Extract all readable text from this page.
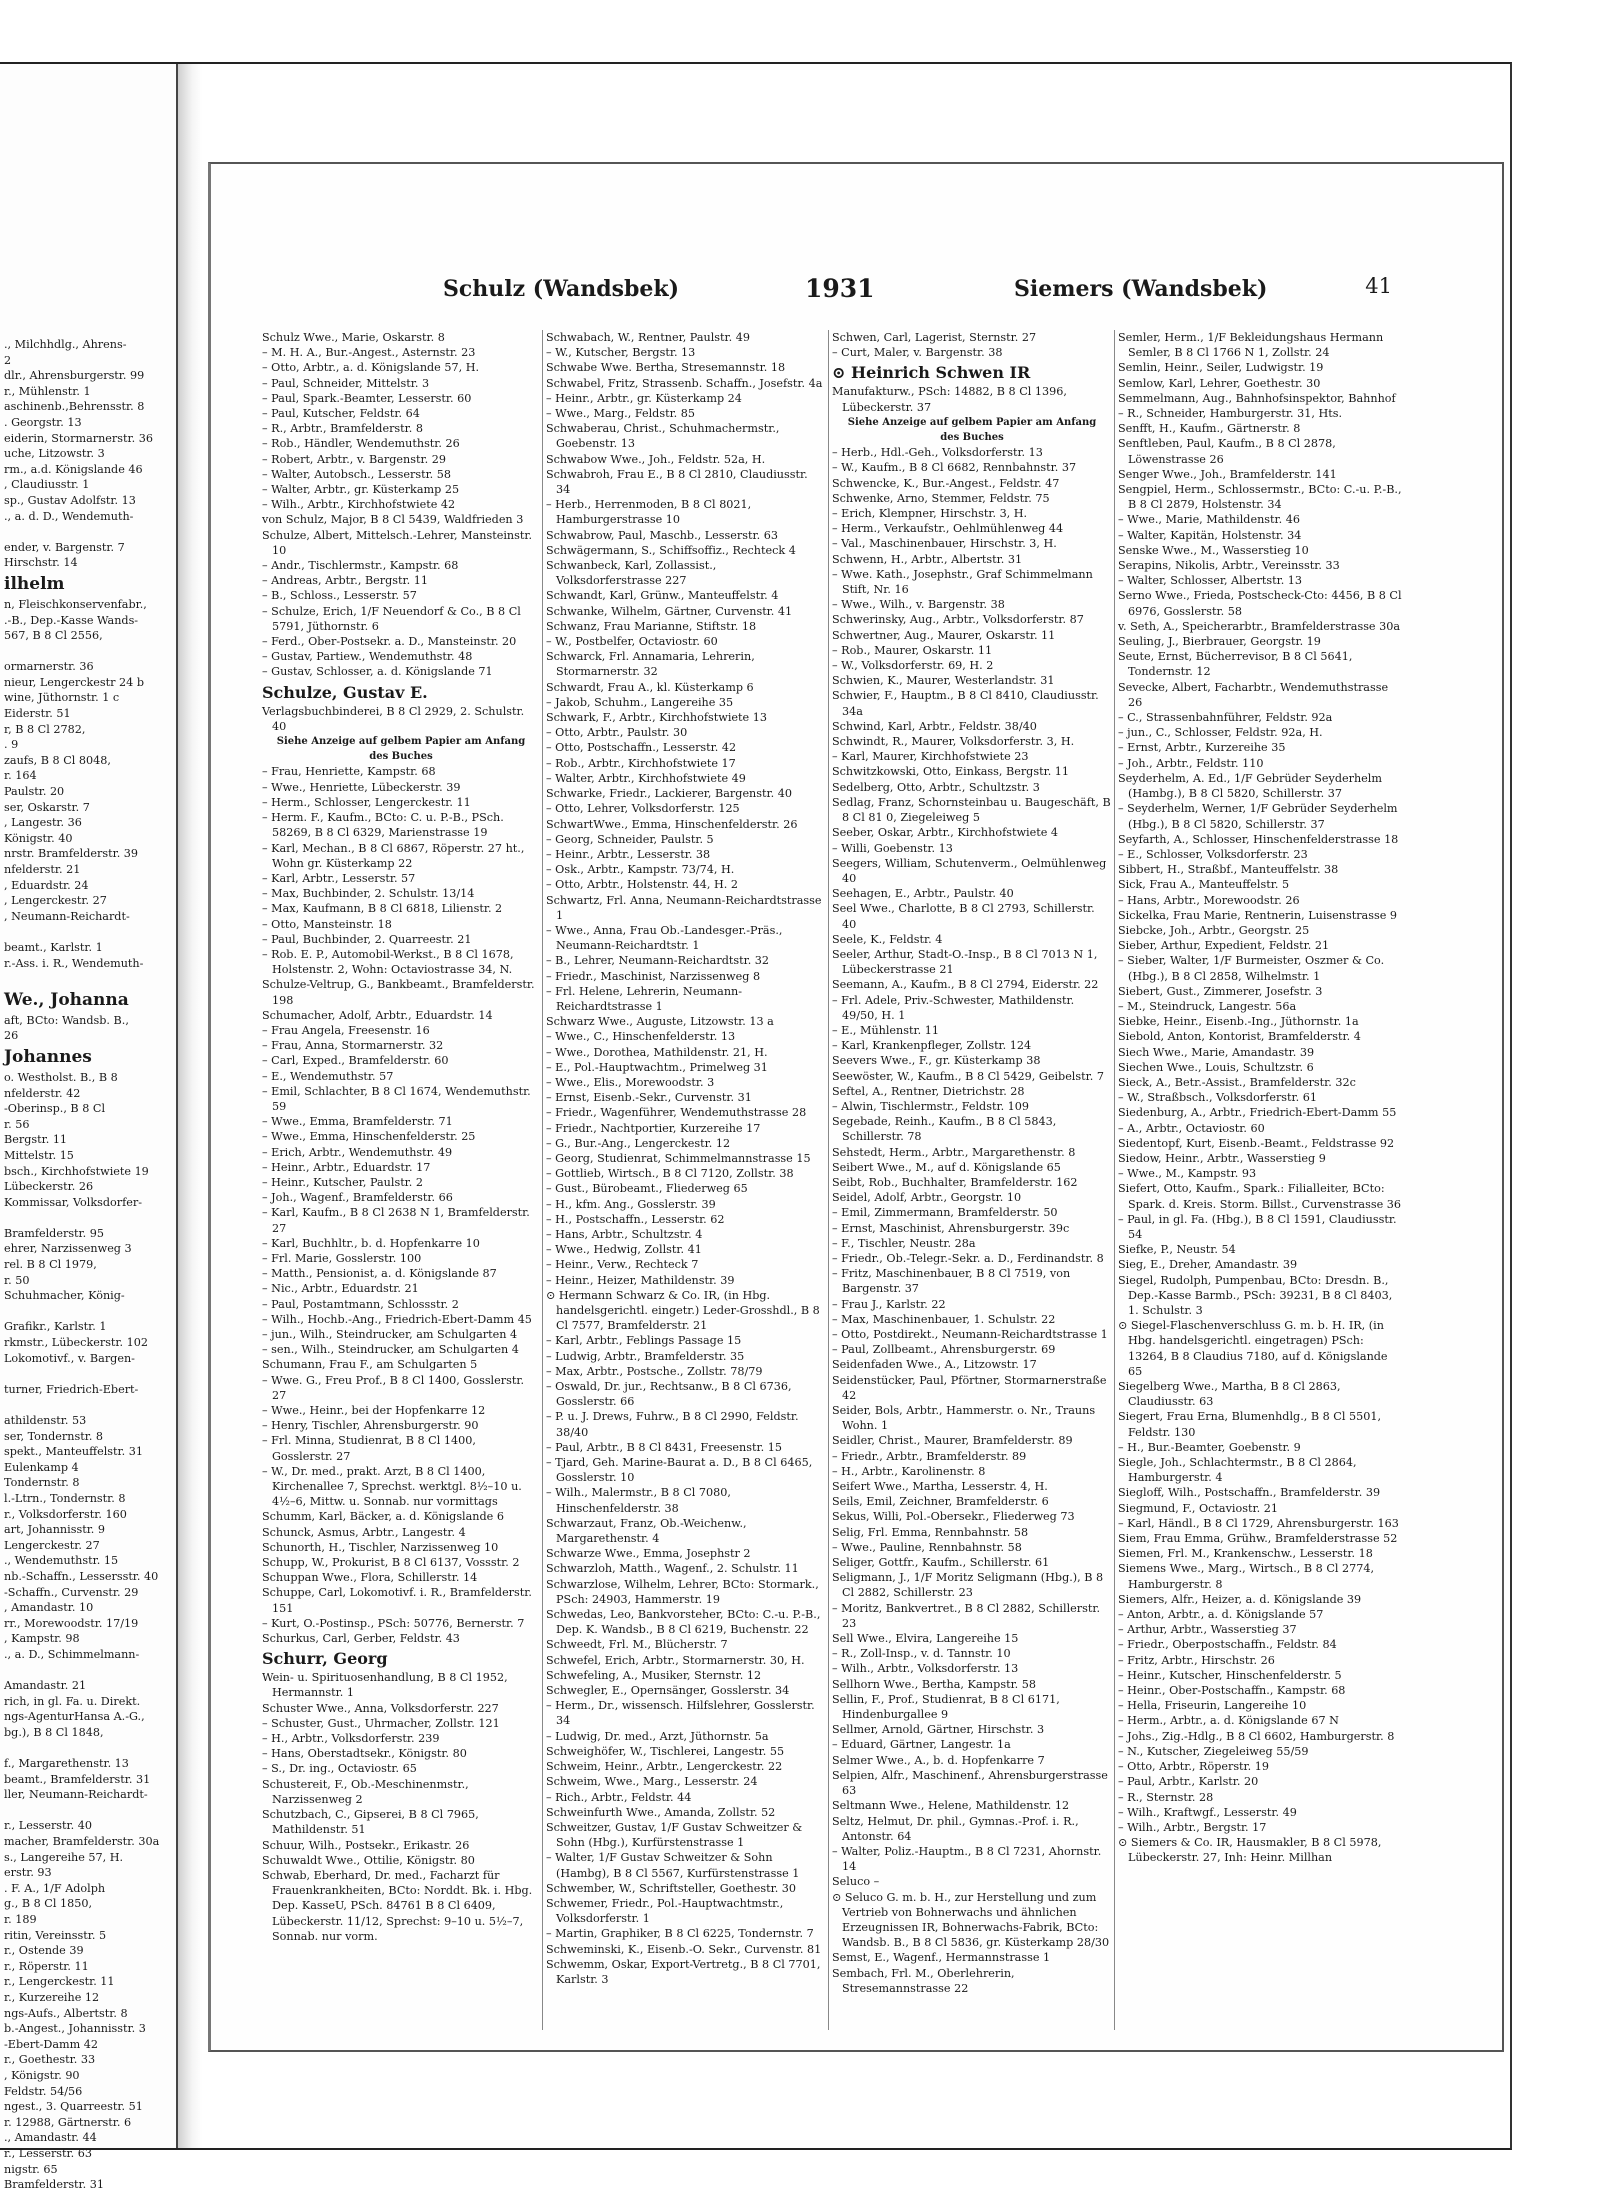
., Milchhdlg., Ahrens-
2
dlr., Ahrensburgerstr. 99
r., Mühlenstr. 1
aschinenb.,Behrensstr. 8
. Georgstr. 13
eiderin, Stormarnerstr. 36
uche, Litzowstr. 3
rm., a.d. Königslande 46
, Claudiusstr. 1
sp., Gustav Adolfstr. 13
., a. d. D., Wendemuth-

ender, v. Bargenstr. 7
Hirschstr. 14
ilhelm
n, Fleischkonservenfabr.,
.-B., Dep.-Kasse Wands-
567, B 8 Cl 2556,

ormarnerstr. 36
nieur, Lengerckestr 24 b
wine, Jüthornstr. 1 c
Eiderstr. 51
r, B 8 Cl 2782,
. 9
zaufs, B 8 Cl 8048,
r. 164
Paulstr. 20
ser, Oskarstr. 7
, Langestr. 36
Königstr. 40
nrstr. Bramfelderstr. 39
nfelderstr. 21
, Eduardstr. 24
, Lengerckestr. 27
, Neumann-Reichardt-

beamt., Karlstr. 1
r.-Ass. i. R., Wendemuth-

We., Johanna
aft, BCto: Wandsb. B.,
26
Johannes
o. Westholst. B., B 8
nfelderstr. 42
-Oberinsp., B 8 Cl
r. 56
Bergstr. 11
Mittelstr. 15
bsch., Kirchhofstwiete 19
Lübeckerstr. 26
Kommissar, Volksdorfer-

Bramfelderstr. 95
ehrer, Narzissenweg 3
rel. B 8 Cl 1979,
r. 50
Schuhmacher, König-

Grafikr., Karlstr. 1
rkmstr., Lübeckerstr. 102
Lokomotivf., v. Bargen-

turner, Friedrich-Ebert-

athildenstr. 53
ser, Tondernstr. 8
spekt., Manteuffelstr. 31
Eulenkamp 4
Tondernstr. 8
l.-Ltrn., Tondernstr. 8
r., Volksdorferstr. 160
art, Johannisstr. 9
Lengerckestr. 27
., Wendemuthstr. 15
nb.-Schaffn., Lessersstr. 40
-Schaffn., Curvenstr. 29
, Amandastr. 10
rr., Morewoodstr. 17/19
, Kampstr. 98
., a. D., Schimmelmann-

Amandastr. 21
rich, in gl. Fa. u. Direkt.
ngs-AgenturHansa A.-G.,
bg.), B 8 Cl 1848,

f., Margarethenstr. 13
beamt., Bramfelderstr. 31
ller, Neumann-Reichardt-

r., Lesserstr. 40
macher, Bramfelderstr. 30a
s., Langereihe 57, H.
erstr. 93
. F. A., 1/F Adolph
g., B 8 Cl 1850,
r. 189
ritin, Vereinsstr. 5
r., Ostende 39
r., Röperstr. 11
r., Lengerckestr. 11
r., Kurzereihe 12
ngs-Aufs., Albertstr. 8
b.-Angest., Johannisstr. 3
-Ebert-Damm 42
r., Goethestr. 33
, Königstr. 90
Feldstr. 54/56
ngest., 3. Quarreestr. 51
r. 12988, Gärtnerstr. 6
., Amandastr. 44
r., Lesserstr. 63
nigstr. 65
Bramfelderstr. 31
Schulz (Wandsbek)	1931	Siemers (Wandsbek)	41
Schulz Wwe., Marie, Oskarstr. 8
– M. H. A., Bur.-Angest., Asternstr. 23
– Otto, Arbtr., a. d. Königslande 57, H.
– Paul, Schneider, Mittelstr. 3
– Paul, Spark.-Beamter, Lesserstr. 60
– Paul, Kutscher, Feldstr. 64
– R., Arbtr., Bramfelderstr. 8
– Rob., Händler, Wendemuthstr. 26
– Robert, Arbtr., v. Bargenstr. 29
– Walter, Autobsch., Lesserstr. 58
– Walter, Arbtr., gr. Küsterkamp 25
– Wilh., Arbtr., Kirchhofstwiete 42
von Schulz, Major, B 8 Cl 5439, Waldfrieden 3
Schulze, Albert, Mittelsch.-Lehrer, Mansteinstr. 10
– Andr., Tischlermstr., Kampstr. 68
– Andreas, Arbtr., Bergstr. 11
– B., Schloss., Lesserstr. 57
– Schulze, Erich, 1/F Neuendorf & Co., B 8 Cl 5791, Jüthornstr. 6
– Ferd., Ober-Postsekr. a. D., Mansteinstr. 20
– Gustav, Partiew., Wendemuthstr. 48
– Gustav, Schlosser, a. d. Königslande 71
Schulze, Gustav E.
Verlagsbuchbinderei, B 8 Cl 2929, 2. Schulstr. 40
Siehe Anzeige auf gelbem Papier am Anfang des Buches
– Frau, Henriette, Kampstr. 68
– Wwe., Henriette, Lübeckerstr. 39
– Herm., Schlosser, Lengerckestr. 11
– Herm. F., Kaufm., BCto: C. u. P.-B., PSch. 58269, B 8 Cl 6329, Marienstrasse 19
– Karl, Mechan., B 8 Cl 6867, Röperstr. 27 ht., Wohn gr. Küsterkamp 22
– Karl, Arbtr., Lesserstr. 57
– Max, Buchbinder, 2. Schulstr. 13/14
– Max, Kaufmann, B 8 Cl 6818, Lilienstr. 2
– Otto, Mansteinstr. 18
– Paul, Buchbinder, 2. Quarreestr. 21
– Rob. E. P., Automobil-Werkst., B 8 Cl 1678, Holstenstr. 2, Wohn: Octaviostrasse 34, N.
Schulze-Veltrup, G., Bankbeamt., Bramfelderstr. 198
Schumacher, Adolf, Arbtr., Eduardstr. 14
– Frau Angela, Freesenstr. 16
– Frau, Anna, Stormarnerstr. 32
– Carl, Exped., Bramfelderstr. 60
– E., Wendemuthstr. 57
– Emil, Schlachter, B 8 Cl 1674, Wendemuthstr. 59
– Wwe., Emma, Bramfelderstr. 71
– Wwe., Emma, Hinschenfelderstr. 25
– Erich, Arbtr., Wendemuthstr. 49
– Heinr., Arbtr., Eduardstr. 17
– Heinr., Kutscher, Paulstr. 2
– Joh., Wagenf., Bramfelderstr. 66
– Karl, Kaufm., B 8 Cl 2638 N 1, Bramfelderstr. 27
– Karl, Buchhltr., b. d. Hopfenkarre 10
– Frl. Marie, Gosslerstr. 100
– Matth., Pensionist, a. d. Königslande 87
– Nic., Arbtr., Eduardstr. 21
– Paul, Postamtmann, Schlossstr. 2
– Wilh., Hochb.-Ang., Friedrich-Ebert-Damm 45
– jun., Wilh., Steindrucker, am Schulgarten 4
– sen., Wilh., Steindrucker, am Schulgarten 4
Schumann, Frau F., am Schulgarten 5
– Wwe. G., Freu Prof., B 8 Cl 1400, Gosslerstr. 27
– Wwe., Heinr., bei der Hopfenkarre 12
– Henry, Tischler, Ahrensburgerstr. 90
– Frl. Minna, Studienrat, B 8 Cl 1400, Gosslerstr. 27
– W., Dr. med., prakt. Arzt, B 8 Cl 1400, Kirchenallee 7, Sprechst. werktgl. 8½–10 u. 4½–6, Mittw. u. Sonnab. nur vormittags
Schumm, Karl, Bäcker, a. d. Königslande 6
Schunck, Asmus, Arbtr., Langestr. 4
Schunorth, H., Tischler, Narzissenweg 10
Schupp, W., Prokurist, B 8 Cl 6137, Vossstr. 2
Schuppan Wwe., Flora, Schillerstr. 14
Schuppe, Carl, Lokomotivf. i. R., Bramfelderstr. 151
– Kurt, O.-Postinsp., PSch: 50776, Bernerstr. 7
Schurkus, Carl, Gerber, Feldstr. 43
Schurr, Georg
Wein- u. Spirituosenhandlung, B 8 Cl 1952, Hermannstr. 1
Schuster Wwe., Anna, Volksdorferstr. 227
– Schuster, Gust., Uhrmacher, Zollstr. 121
– H., Arbtr., Volksdorferstr. 239
– Hans, Oberstadtsekr., Königstr. 80
– S., Dr. ing., Octaviostr. 65
Schustereit, F., Ob.-Meschinenmstr., Narzissenweg 2
Schutzbach, C., Gipserei, B 8 Cl 7965, Mathildenstr. 51
Schuur, Wilh., Postsekr., Erikastr. 26
Schuwaldt Wwe., Ottilie, Königstr. 80
Schwab, Eberhard, Dr. med., Facharzt für Frauenkrankheiten, BCto: Norddt. Bk. i. Hbg. Dep. KasseU, PSch. 84761 B 8 Cl 6409, Lübeckerstr. 11/12, Sprechst: 9–10 u. 5½–7, Sonnab. nur vorm.
Schwabach, W., Rentner, Paulstr. 49
– W., Kutscher, Bergstr. 13
Schwabe Wwe. Bertha, Stresemannstr. 18
Schwabel, Fritz, Strassenb. Schaffn., Josefstr. 4a
– Heinr., Arbtr., gr. Küsterkamp 24
– Wwe., Marg., Feldstr. 85
Schwaberau, Christ., Schuhmachermstr., Goebenstr. 13
Schwabow Wwe., Joh., Feldstr. 52a, H.
Schwabroh, Frau E., B 8 Cl 2810, Claudiusstr. 34
– Herb., Herrenmoden, B 8 Cl 8021, Hamburgerstrasse 10
Schwabrow, Paul, Maschb., Lesserstr. 63
Schwägermann, S., Schiffsoffiz., Rechteck 4
Schwanbeck, Karl, Zollassist., Volksdorferstrasse 227
Schwandt, Karl, Grünw., Manteuffelstr. 4
Schwanke, Wilhelm, Gärtner, Curvenstr. 41
Schwanz, Frau Marianne, Stiftstr. 18
– W., Postbelfer, Octaviostr. 60
Schwarck, Frl. Annamaria, Lehrerin, Stormarnerstr. 32
Schwardt, Frau A., kl. Küsterkamp 6
– Jakob, Schuhm., Langereihe 35
Schwark, F., Arbtr., Kirchhofstwiete 13
– Otto, Arbtr., Paulstr. 30
– Otto, Postschaffn., Lesserstr. 42
– Rob., Arbtr., Kirchhofstwiete 17
– Walter, Arbtr., Kirchhofstwiete 49
Schwarke, Friedr., Lackierer, Bargenstr. 40
– Otto, Lehrer, Volksdorferstr. 125
SchwartWwe., Emma, Hinschenfelderstr. 26
– Georg, Schneider, Paulstr. 5
– Heinr., Arbtr., Lesserstr. 38
– Osk., Arbtr., Kampstr. 73/74, H.
– Otto, Arbtr., Holstenstr. 44, H. 2
Schwartz, Frl. Anna, Neumann-Reichardtstrasse 1
– Wwe., Anna, Frau Ob.-Landesger.-Präs., Neumann-Reichardtstr. 1
– B., Lehrer, Neumann-Reichardtstr. 32
– Friedr., Maschinist, Narzissenweg 8
– Frl. Helene, Lehrerin, Neumann-Reichardtstrasse 1
Schwarz Wwe., Auguste, Litzowstr. 13 a
– Wwe., C., Hinschenfelderstr. 13
– Wwe., Dorothea, Mathildenstr. 21, H.
– E., Pol.-Hauptwachtm., Primelweg 31
– Wwe., Elis., Morewoodstr. 3
– Ernst, Eisenb.-Sekr., Curvenstr. 31
– Friedr., Wagenführer, Wendemuthstrasse 28
– Friedr., Nachtportier, Kurzereihe 17
– G., Bur.-Ang., Lengerckestr. 12
– Georg, Studienrat, Schimmelmannstrasse 15
– Gottlieb, Wirtsch., B 8 Cl 7120, Zollstr. 38
– Gust., Bürobeamt., Fliederweg 65
– H., kfm. Ang., Gosslerstr. 39
– H., Postschaffn., Lesserstr. 62
– Hans, Arbtr., Schultzstr. 4
– Wwe., Hedwig, Zollstr. 41
– Heinr., Verw., Rechteck 7
– Heinr., Heizer, Mathildenstr. 39
⊙ Hermann Schwarz & Co. IR, (in Hbg. handelsgerichtl. eingetr.) Leder-Grosshdl., B 8 Cl 7577, Bramfelderstr. 21
– Karl, Arbtr., Feblings Passage 15
– Ludwig, Arbtr., Bramfelderstr. 35
– Max, Arbtr., Postsche., Zollstr. 78/79
– Oswald, Dr. jur., Rechtsanw., B 8 Cl 6736, Gosslerstr. 66
– P. u. J. Drews, Fuhrw., B 8 Cl 2990, Feldstr. 38/40
– Paul, Arbtr., B 8 Cl 8431, Freesenstr. 15
– Tjard, Geh. Marine-Baurat a. D., B 8 Cl 6465, Gosslerstr. 10
– Wilh., Malermstr., B 8 Cl 7080, Hinschenfelderstr. 38
Schwarzaut, Franz, Ob.-Weichenw., Margarethenstr. 4
Schwarze Wwe., Emma, Josephstr 2
Schwarzloh, Matth., Wagenf., 2. Schulstr. 11
Schwarzlose, Wilhelm, Lehrer, BCto: Stormark., PSch: 24903, Hammerstr. 19
Schwedas, Leo, Bankvorsteher, BCto: C.-u. P.-B., Dep. K. Wandsb., B 8 Cl 6219, Buchenstr. 22
Schweedt, Frl. M., Blücherstr. 7
Schwefel, Erich, Arbtr., Stormarnerstr. 30, H.
Schwefeling, A., Musiker, Sternstr. 12
Schwegler, E., Opernsänger, Gosslerstr. 34
– Herm., Dr., wissensch. Hilfslehrer, Gosslerstr. 34
– Ludwig, Dr. med., Arzt, Jüthornstr. 5a
Schweighöfer, W., Tischlerei, Langestr. 55
Schweim, Heinr., Arbtr., Lengerckestr. 22
Schweim, Wwe., Marg., Lesserstr. 24
– Rich., Arbtr., Feldstr. 44
Schweinfurth Wwe., Amanda, Zollstr. 52
Schweitzer, Gustav, 1/F Gustav Schweitzer & Sohn (Hbg.), Kurfürstenstrasse 1
– Walter, 1/F Gustav Schweitzer & Sohn (Hambg), B 8 Cl 5567, Kurfürstenstrasse 1
Schwember, W., Schriftsteller, Goethestr. 30
Schwemer, Friedr., Pol.-Hauptwachtmstr., Volksdorferstr. 1
– Martin, Graphiker, B 8 Cl 6225, Tondernstr. 7
Schweminski, K., Eisenb.-O. Sekr., Curvenstr. 81
Schwemm, Oskar, Export-Vertretg., B 8 Cl 7701, Karlstr. 3
Schwen, Carl, Lagerist, Sternstr. 27
– Curt, Maler, v. Bargenstr. 38
⊙ Heinrich Schwen IR
Manufakturw., PSch: 14882, B 8 Cl 1396, Lübeckerstr. 37
Siehe Anzeige auf gelbem Papier am Anfang des Buches
– Herb., Hdl.-Geh., Volksdorferstr. 13
– W., Kaufm., B 8 Cl 6682, Rennbahnstr. 37
Schwencke, K., Bur.-Angest., Feldstr. 47
Schwenke, Arno, Stemmer, Feldstr. 75
– Erich, Klempner, Hirschstr. 3, H.
– Herm., Verkaufstr., Oehlmühlenweg 44
– Val., Maschinenbauer, Hirschstr. 3, H.
Schwenn, H., Arbtr., Albertstr. 31
– Wwe. Kath., Josephstr., Graf Schimmelmann Stift, Nr. 16
– Wwe., Wilh., v. Bargenstr. 38
Schwerinsky, Aug., Arbtr., Volksdorferstr. 87
Schwertner, Aug., Maurer, Oskarstr. 11
– Rob., Maurer, Oskarstr. 11
– W., Volksdorferstr. 69, H. 2
Schwien, K., Maurer, Westerlandstr. 31
Schwier, F., Hauptm., B 8 Cl 8410, Claudiusstr. 34a
Schwind, Karl, Arbtr., Feldstr. 38/40
Schwindt, R., Maurer, Volksdorferstr. 3, H.
– Karl, Maurer, Kirchhofstwiete 23
Schwitzkowski, Otto, Einkass, Bergstr. 11
Sedelberg, Otto, Arbtr., Schultzstr. 3
Sedlag, Franz, Schornsteinbau u. Baugeschäft, B 8 Cl 81 0, Ziegeleiweg 5
Seeber, Oskar, Arbtr., Kirchhofstwiete 4
– Willi, Goebenstr. 13
Seegers, William, Schutenverm., Oelmühlenweg 40
Seehagen, E., Arbtr., Paulstr. 40
Seel Wwe., Charlotte, B 8 Cl 2793, Schillerstr. 40
Seele, K., Feldstr. 4
Seeler, Arthur, Stadt-O.-Insp., B 8 Cl 7013 N 1, Lübeckerstrasse 21
Seemann, A., Kaufm., B 8 Cl 2794, Eiderstr. 22
– Frl. Adele, Priv.-Schwester, Mathildenstr. 49/50, H. 1
– E., Mühlenstr. 11
– Karl, Krankenpfleger, Zollstr. 124
Seevers Wwe., F., gr. Küsterkamp 38
Seewöster, W., Kaufm., B 8 Cl 5429, Geibelstr. 7
Seftel, A., Rentner, Dietrichstr. 28
– Alwin, Tischlermstr., Feldstr. 109
Segebade, Reinh., Kaufm., B 8 Cl 5843, Schillerstr. 78
Sehstedt, Herm., Arbtr., Margarethenstr. 8
Seibert Wwe., M., auf d. Königslande 65
Seibt, Rob., Buchhalter, Bramfelderstr. 162
Seidel, Adolf, Arbtr., Georgstr. 10
– Emil, Zimmermann, Bramfelderstr. 50
– Ernst, Maschinist, Ahrensburgerstr. 39c
– F., Tischler, Neustr. 28a
– Friedr., Ob.-Telegr.-Sekr. a. D., Ferdinandstr. 8
– Fritz, Maschinenbauer, B 8 Cl 7519, von Bargenstr. 37
– Frau J., Karlstr. 22
– Max, Maschinenbauer, 1. Schulstr. 22
– Otto, Postdirekt., Neumann-Reichardtstrasse 1
– Paul, Zollbeamt., Ahrensburgerstr. 69
Seidenfaden Wwe., A., Litzowstr. 17
Seidenstücker, Paul, Pförtner, Stormarnerstraße 42
Seider, Bols, Arbtr., Hammerstr. o. Nr., Trauns Wohn. 1
Seidler, Christ., Maurer, Bramfelderstr. 89
– Friedr., Arbtr., Bramfelderstr. 89
– H., Arbtr., Karolinenstr. 8
Seifert Wwe., Martha, Lesserstr. 4, H.
Seils, Emil, Zeichner, Bramfelderstr. 6
Sekus, Willi, Pol.-Obersekr., Fliederweg 73
Selig, Frl. Emma, Rennbahnstr. 58
– Wwe., Pauline, Rennbahnstr. 58
Seliger, Gottfr., Kaufm., Schillerstr. 61
Seligmann, J., 1/F Moritz Seligmann (Hbg.), B 8 Cl 2882, Schillerstr. 23
– Moritz, Bankvertret., B 8 Cl 2882, Schillerstr. 23
Sell Wwe., Elvira, Langereihe 15
– R., Zoll-Insp., v. d. Tannstr. 10
– Wilh., Arbtr., Volksdorferstr. 13
Sellhorn Wwe., Bertha, Kampstr. 58
Sellin, F., Prof., Studienrat, B 8 Cl 6171, Hindenburgallee 9
Sellmer, Arnold, Gärtner, Hirschstr. 3
– Eduard, Gärtner, Langestr. 1a
Selmer Wwe., A., b. d. Hopfenkarre 7
Selpien, Alfr., Maschinenf., Ahrensburgerstrasse 63
Seltmann Wwe., Helene, Mathildenstr. 12
Seltz, Helmut, Dr. phil., Gymnas.-Prof. i. R., Antonstr. 64
– Walter, Poliz.-Hauptm., B 8 Cl 7231, Ahornstr. 14
Seluco –
⊙ Seluco G. m. b. H., zur Herstellung und zum Vertrieb von Bohnerwachs und ähnlichen Erzeugnissen IR, Bohnerwachs-Fabrik, BCto: Wandsb. B., B 8 Cl 5836, gr. Küsterkamp 28/30
Semst, E., Wagenf., Hermannstrasse 1
Sembach, Frl. M., Oberlehrerin, Stresemannstrasse 22
Semler, Herm., 1/F Bekleidungshaus Hermann Semler, B 8 Cl 1766 N 1, Zollstr. 24
Semlin, Heinr., Seiler, Ludwigstr. 19
Semlow, Karl, Lehrer, Goethestr. 30
Semmelmann, Aug., Bahnhofsinspektor, Bahnhof
– R., Schneider, Hamburgerstr. 31, Hts.
Senfft, H., Kaufm., Gärtnerstr. 8
Senftleben, Paul, Kaufm., B 8 Cl 2878, Löwenstrasse 26
Senger Wwe., Joh., Bramfelderstr. 141
Sengpiel, Herm., Schlossermstr., BCto: C.-u. P.-B., B 8 Cl 2879, Holstenstr. 34
– Wwe., Marie, Mathildenstr. 46
– Walter, Kapitän, Holstenstr. 34
Senske Wwe., M., Wasserstieg 10
Serapins, Nikolis, Arbtr., Vereinsstr. 33
– Walter, Schlosser, Albertstr. 13
Serno Wwe., Frieda, Postscheck-Cto: 4456, B 8 Cl 6976, Gosslerstr. 58
v. Seth, A., Speicherarbtr., Bramfelderstrasse 30a
Seuling, J., Bierbrauer, Georgstr. 19
Seute, Ernst, Bücherrevisor, B 8 Cl 5641, Tondernstr. 12
Sevecke, Albert, Facharbtr., Wendemuthstrasse 26
– C., Strassenbahnführer, Feldstr. 92a
– jun., C., Schlosser, Feldstr. 92a, H.
– Ernst, Arbtr., Kurzereihe 35
– Joh., Arbtr., Feldstr. 110
Seyderhelm, A. Ed., 1/F Gebrüder Seyderhelm (Hambg.), B 8 Cl 5820, Schillerstr. 37
– Seyderhelm, Werner, 1/F Gebrüder Seyderhelm (Hbg.), B 8 Cl 5820, Schillerstr. 37
Seyfarth, A., Schlosser, Hinschenfelderstrasse 18
– E., Schlosser, Volksdorferstr. 23
Sibbert, H., Straßbf., Manteuffelstr. 38
Sick, Frau A., Manteuffelstr. 5
– Hans, Arbtr., Morewoodstr. 26
Sickelka, Frau Marie, Rentnerin, Luisenstrasse 9
Siebcke, Joh., Arbtr., Georgstr. 25
Sieber, Arthur, Expedient, Feldstr. 21
– Sieber, Walter, 1/F Burmeister, Oszmer & Co. (Hbg.), B 8 Cl 2858, Wilhelmstr. 1
Siebert, Gust., Zimmerer, Josefstr. 3
– M., Steindruck, Langestr. 56a
Siebke, Heinr., Eisenb.-Ing., Jüthornstr. 1a
Siebold, Anton, Kontorist, Bramfelderstr. 4
Siech Wwe., Marie, Amandastr. 39
Siechen Wwe., Louis, Schultzstr. 6
Sieck, A., Betr.-Assist., Bramfelderstr. 32c
– W., Straßbsch., Volksdorferstr. 61
Siedenburg, A., Arbtr., Friedrich-Ebert-Damm 55
– A., Arbtr., Octaviostr. 60
Siedentopf, Kurt, Eisenb.-Beamt., Feldstrasse 92
Siedow, Heinr., Arbtr., Wasserstieg 9
– Wwe., M., Kampstr. 93
Siefert, Otto, Kaufm., Spark.: Filialleiter, BCto: Spark. d. Kreis. Storm. Billst., Curvenstrasse 36
– Paul, in gl. Fa. (Hbg.), B 8 Cl 1591, Claudiusstr. 54
Siefke, P., Neustr. 54
Sieg, E., Dreher, Amandastr. 39
Siegel, Rudolph, Pumpenbau, BCto: Dresdn. B., Dep.-Kasse Barmb., PSch: 39231, B 8 Cl 8403, 1. Schulstr. 3
⊙ Siegel-Flaschenverschluss G. m. b. H. IR, (in Hbg. handelsgerichtl. eingetragen) PSch: 13264, B 8 Claudius 7180, auf d. Königslande 65
Siegelberg Wwe., Martha, B 8 Cl 2863, Claudiusstr. 63
Siegert, Frau Erna, Blumenhdlg., B 8 Cl 5501, Feldstr. 130
– H., Bur.-Beamter, Goebenstr. 9
Siegle, Joh., Schlachtermstr., B 8 Cl 2864, Hamburgerstr. 4
Siegloff, Wilh., Postschaffn., Bramfelderstr. 39
Siegmund, F., Octaviostr. 21
– Karl, Händl., B 8 Cl 1729, Ahrensburgerstr. 163
Siem, Frau Emma, Grühw., Bramfelderstrasse 52
Siemen, Frl. M., Krankenschw., Lesserstr. 18
Siemens Wwe., Marg., Wirtsch., B 8 Cl 2774, Hamburgerstr. 8
Siemers, Alfr., Heizer, a. d. Königslande 39
– Anton, Arbtr., a. d. Königslande 57
– Arthur, Arbtr., Wasserstieg 37
– Friedr., Oberpostschaffn., Feldstr. 84
– Fritz, Arbtr., Hirschstr. 26
– Heinr., Kutscher, Hinschenfelderstr. 5
– Heinr., Ober-Postschaffn., Kampstr. 68
– Hella, Friseurin, Langereihe 10
– Herm., Arbtr., a. d. Königslande 67 N
– Johs., Zig.-Hdlg., B 8 Cl 6602, Hamburgerstr. 8
– N., Kutscher, Ziegeleiweg 55/59
– Otto, Arbtr., Röperstr. 19
– Paul, Arbtr., Karlstr. 20
– R., Sternstr. 28
– Wilh., Kraftwgf., Lesserstr. 49
– Wilh., Arbtr., Bergstr. 17
⊙ Siemers & Co. IR, Hausmakler, B 8 Cl 5978, Lübeckerstr. 27, Inh: Heinr. Millhan
